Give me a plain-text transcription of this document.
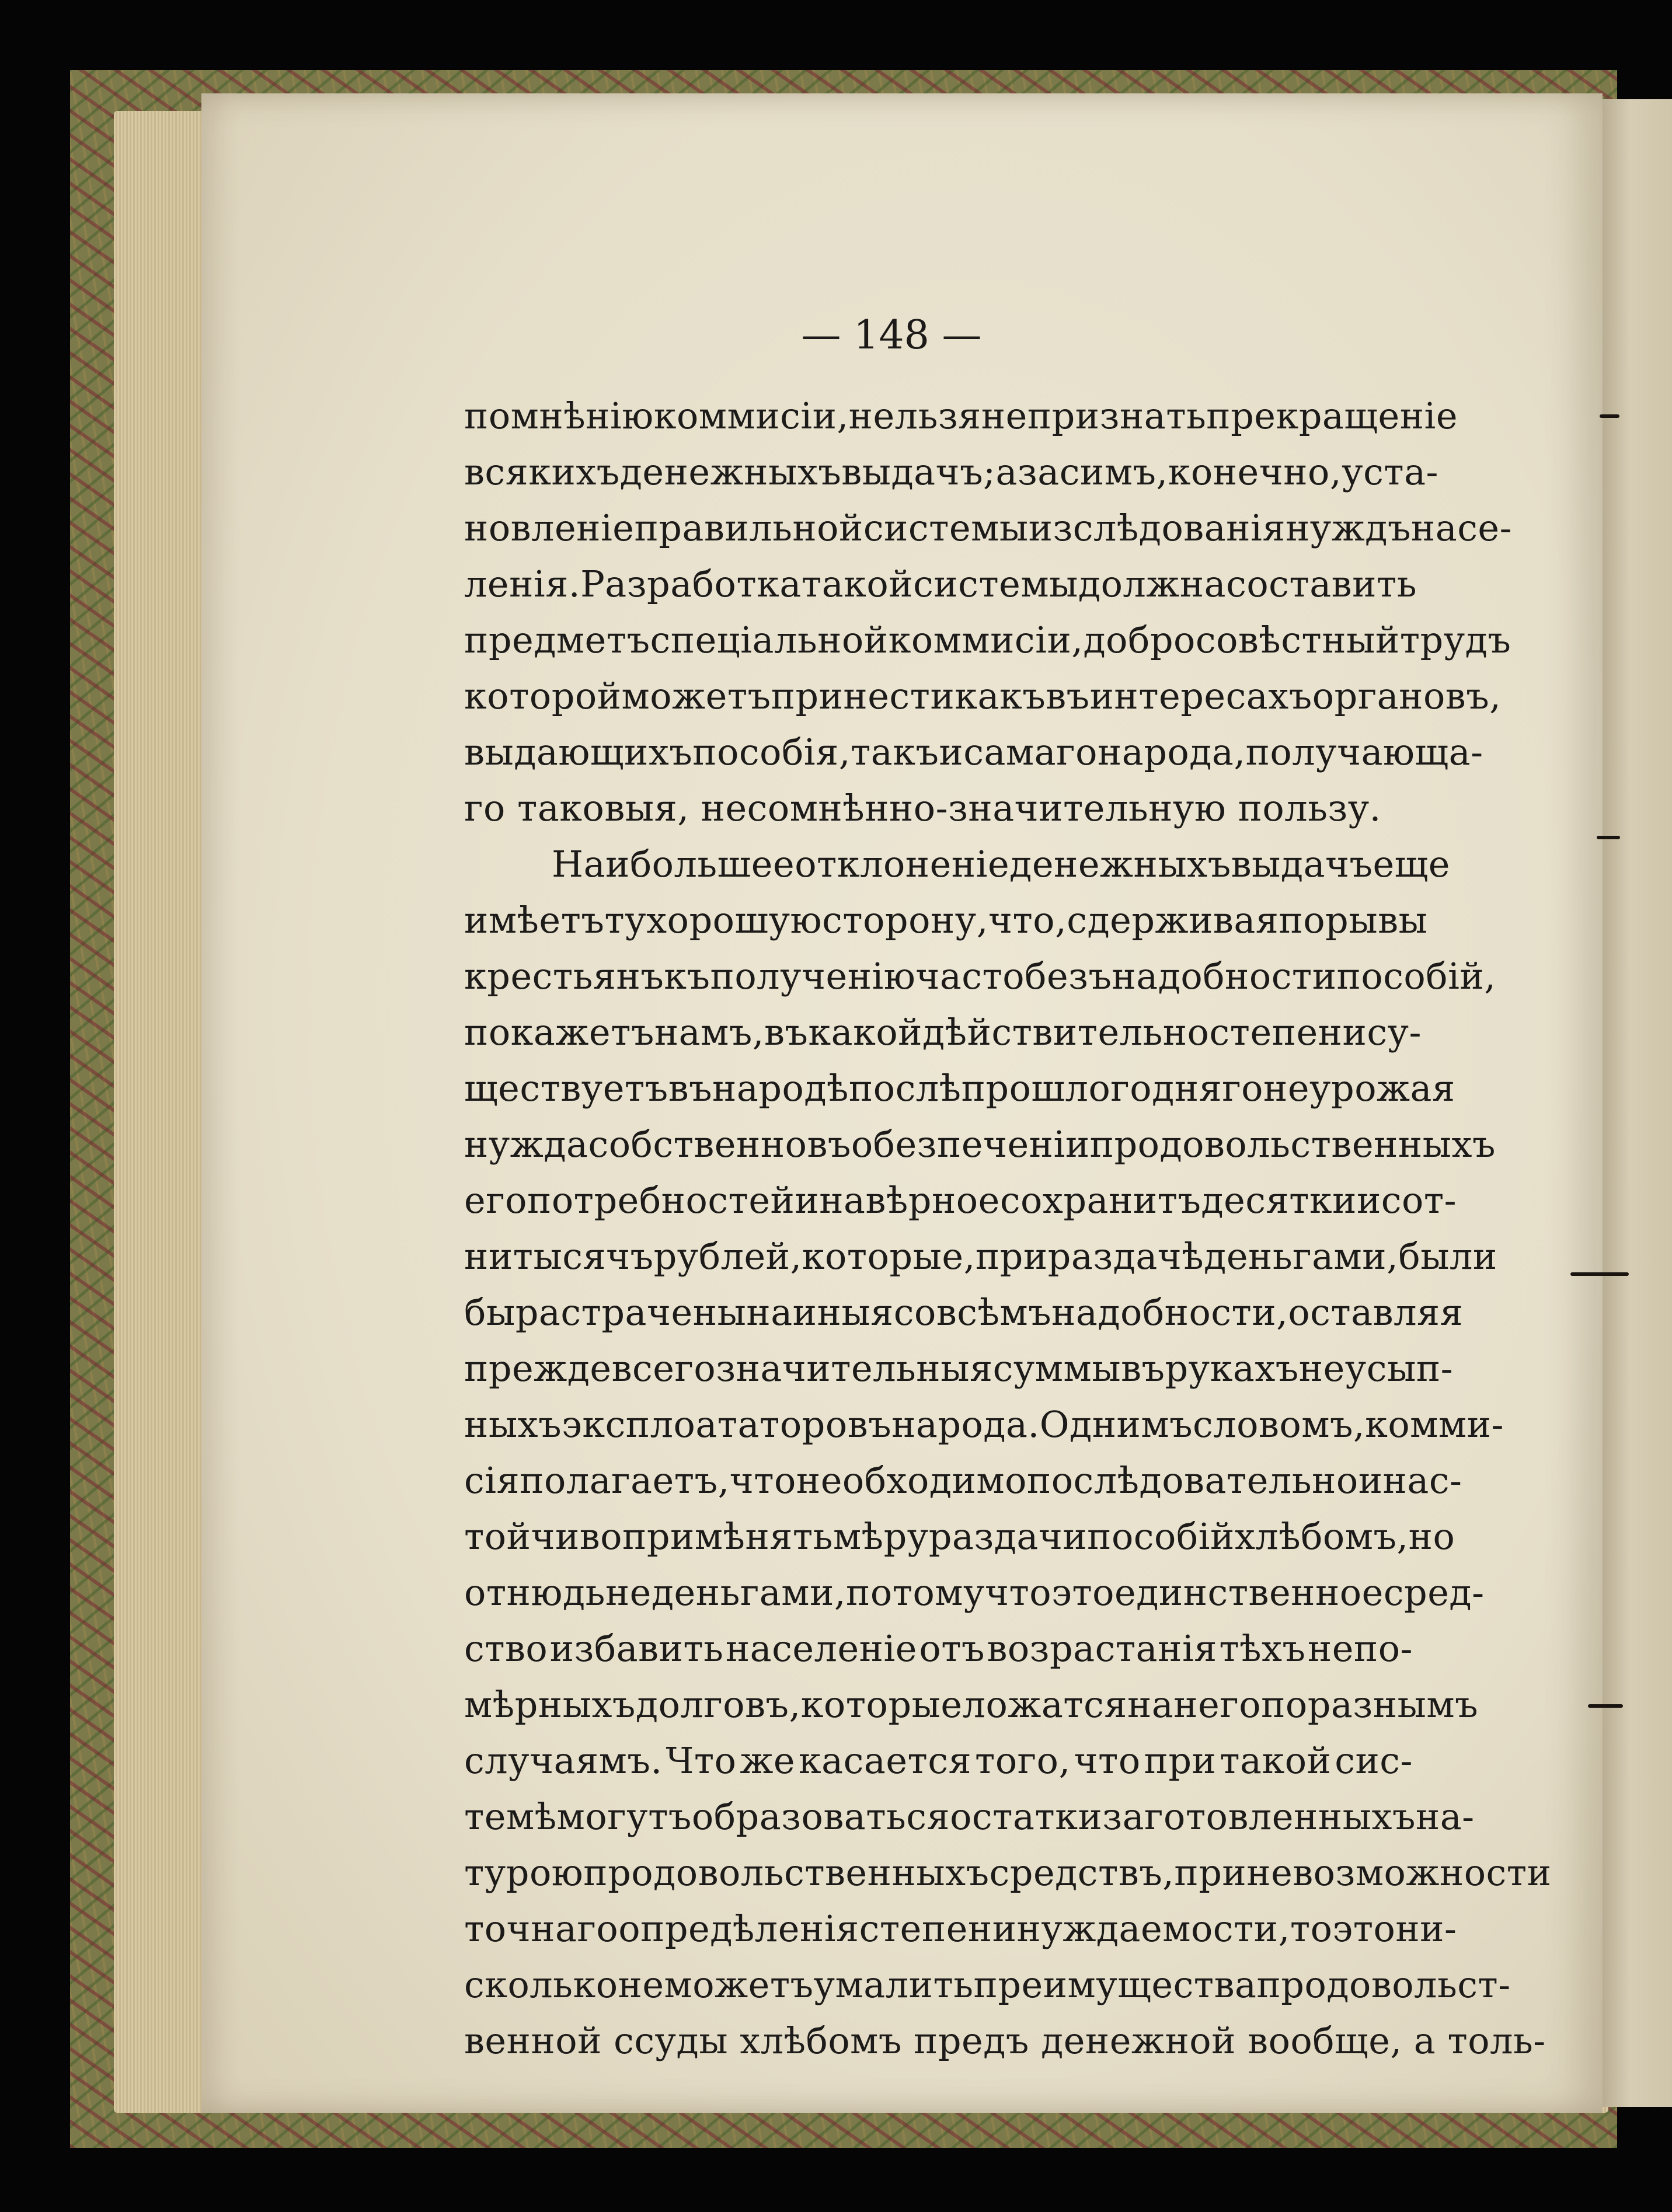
— 148 —
по мнѣнію коммисіи, нельзя не признать прекращеніе
всякихъ денежныхъ выдачъ; а за симъ, конечно, уста-
новленіе правильной системы изслѣдованія нуждъ насе-
ленія. Разработка такой системы должна составить
предметъ спеціальной коммисіи, добросовѣстный трудъ
которой можетъ принести какъ въ интересахъ органовъ,
выдающихъ пособія, такъ и самаго народа, получающа-
го таковыя, несомнѣнно-значительную пользу.
Наибольшее отклоненіе денежныхъ выдачъ еще
имѣетъ ту хорошую сторону, что, сдерживая порывы
крестьянъ къ полученію часто безъ надобности пособій,
покажетъ намъ, въ какой дѣйствительно степени су-
ществуетъ въ народѣ послѣ прошлогодняго неурожая
нужда собственно въ обезпеченіи продовольственныхъ
его потребностей и навѣрное сохранитъ десятки и сот-
ни тысячъ рублей, которые, при раздачѣ деньгами, были
бы растрачены на иныя совсѣмъ надобности, оставляя
прежде всего значительныя суммы въ рукахъ неусып-
ныхъ эксплоататоровъ народа. Однимъ словомъ, комми-
сія полагаетъ, что необходимо послѣдовательно и нас-
тойчиво примѣнять мѣру раздачи пособій хлѣбомъ, но
отнюдь не деньгами, потому что это единственное сред-
ство избавить населеніе отъ возрастанія тѣхъ непо-
мѣрныхъ долговъ, которые ложатся на него по разнымъ
случаямъ. Что же касается того, что при такой сис-
темѣ могутъ образоваться остатки заготовленныхъ на-
турою продовольственныхъ средствъ, при невозможности
точнаго опредѣленія степени нуждаемости, то это ни-
сколько не можетъ умалить преимущества продовольст-
венной ссуды хлѣбомъ предъ денежной вообще, а толь-
